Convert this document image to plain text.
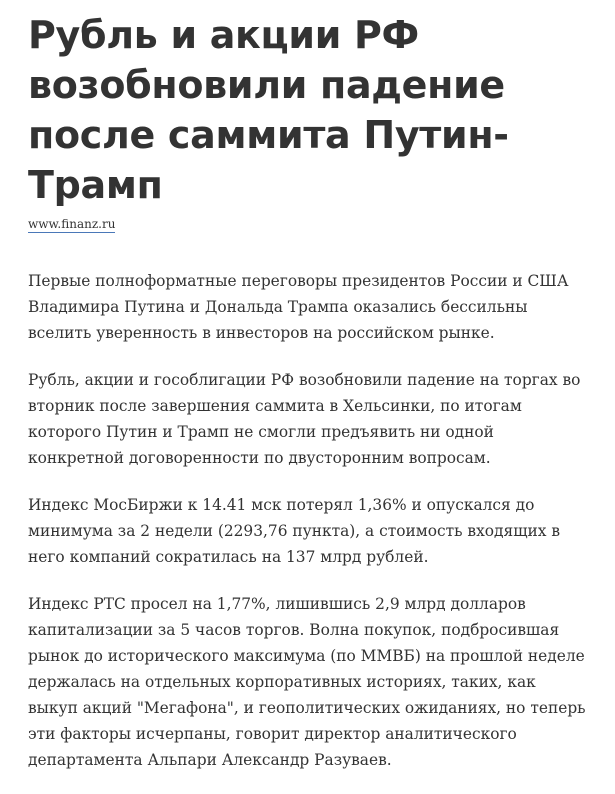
Рубль и акции РФ возобновили падение после саммита Путин-Трамп
www.finanz.ru

Первые полноформатные переговоры президентов России и США Владимира Путина и Дональда Трампа оказались бессильны вселить уверенность в инвесторов на российском рынке.

Рубль, акции и гособлигации РФ возобновили падение на торгах во вторник после завершения саммита в Хельсинки, по итогам которого Путин и Трамп не смогли предъявить ни одной конкретной договоренности по двусторонним вопросам.

Индекс МосБиржи к 14.41 мск потерял 1,36% и опускался до минимума за 2 недели (2293,76 пункта), а стоимость входящих в него компаний сократилась на 137 млрд рублей.

Индекс РТС просел на 1,77%, лишившись 2,9 млрд долларов капитализации за 5 часов торгов. Волна покупок, подбросившая рынок до исторического максимума (по ММВБ) на прошлой неделе держалась на отдельных корпоративных историях, таких, как выкуп акций "Мегафона", и геополитических ожиданиях, но теперь эти факторы исчерпаны, говорит директор аналитического департамента Альпари Александр Разуваев.
